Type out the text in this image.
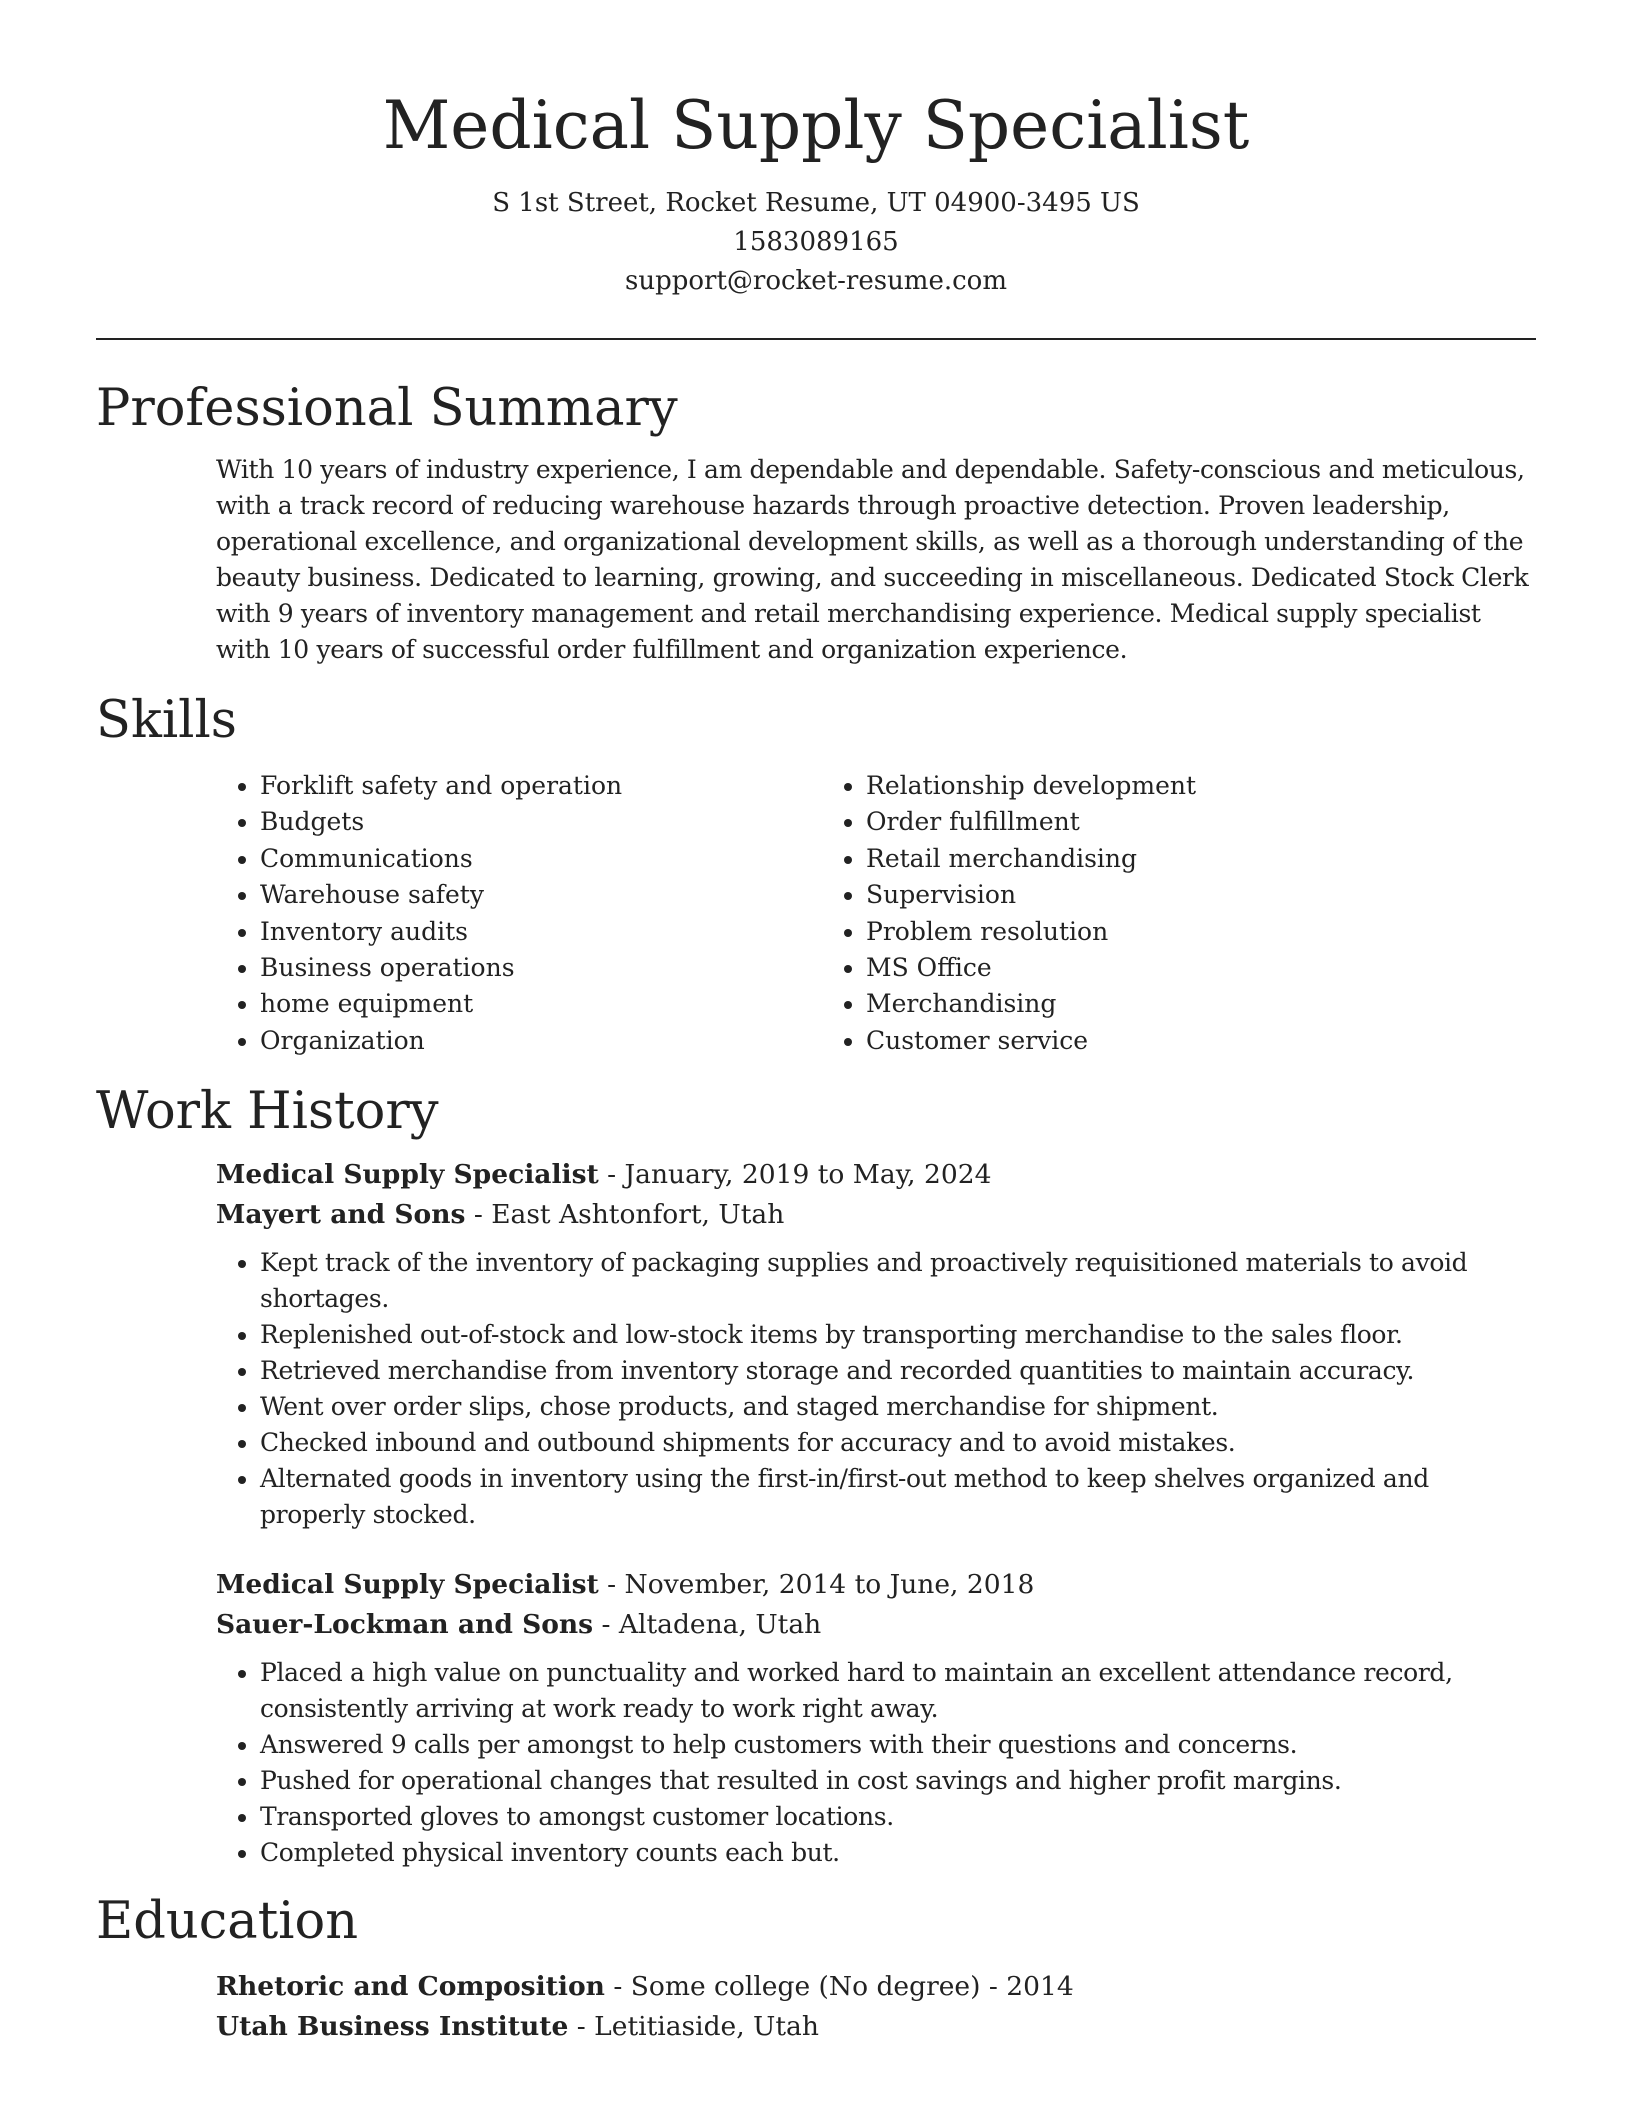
Medical Supply Specialist

S 1st Street, Rocket Resume, UT 04900-3495 US

1583089165

support@rocket-resume.com

Professional Summary

With 10 years of industry experience, I am dependable and dependable. Safety-conscious and meticulous, with a track record of reducing warehouse hazards through proactive detection. Proven leadership, operational excellence, and organizational development skills, as well as a thorough understanding of the beauty business. Dedicated to learning, growing, and succeeding in miscellaneous. Dedicated Stock Clerk with 9 years of inventory management and retail merchandising experience. Medical supply specialist with 10 years of successful order fulfillment and organization experience.

Skills
• Forklift safety and operation
• Budgets
• Communications
• Warehouse safety
• Inventory audits
• Business operations
• home equipment
• Organization
• Relationship development
• Order fulfillment
• Retail merchandising
• Supervision
• Problem resolution
• MS Office
• Merchandising
• Customer service
Work History

Medical Supply Specialist - January, 2019 to May, 2024

Mayert and Sons - East Ashtonfort, Utah

• Kept track of the inventory of packaging supplies and proactively requisitioned materials to avoid shortages.
• Replenished out-of-stock and low-stock items by transporting merchandise to the sales floor.
• Retrieved merchandise from inventory storage and recorded quantities to maintain accuracy.
• Went over order slips, chose products, and staged merchandise for shipment.
• Checked inbound and outbound shipments for accuracy and to avoid mistakes.
• Alternated goods in inventory using the first-in/first-out method to keep shelves organized and properly stocked.

Medical Supply Specialist - November, 2014 to June, 2018

Sauer-Lockman and Sons - Altadena, Utah

• Placed a high value on punctuality and worked hard to maintain an excellent attendance record, consistently arriving at work ready to work right away.
• Answered 9 calls per amongst to help customers with their questions and concerns.
• Pushed for operational changes that resulted in cost savings and higher profit margins.
• Transported gloves to amongst customer locations.
• Completed physical inventory counts each but.
Education

Rhetoric and Composition - Some college (No degree) - 2014

Utah Business Institute - Letitiaside, Utah
